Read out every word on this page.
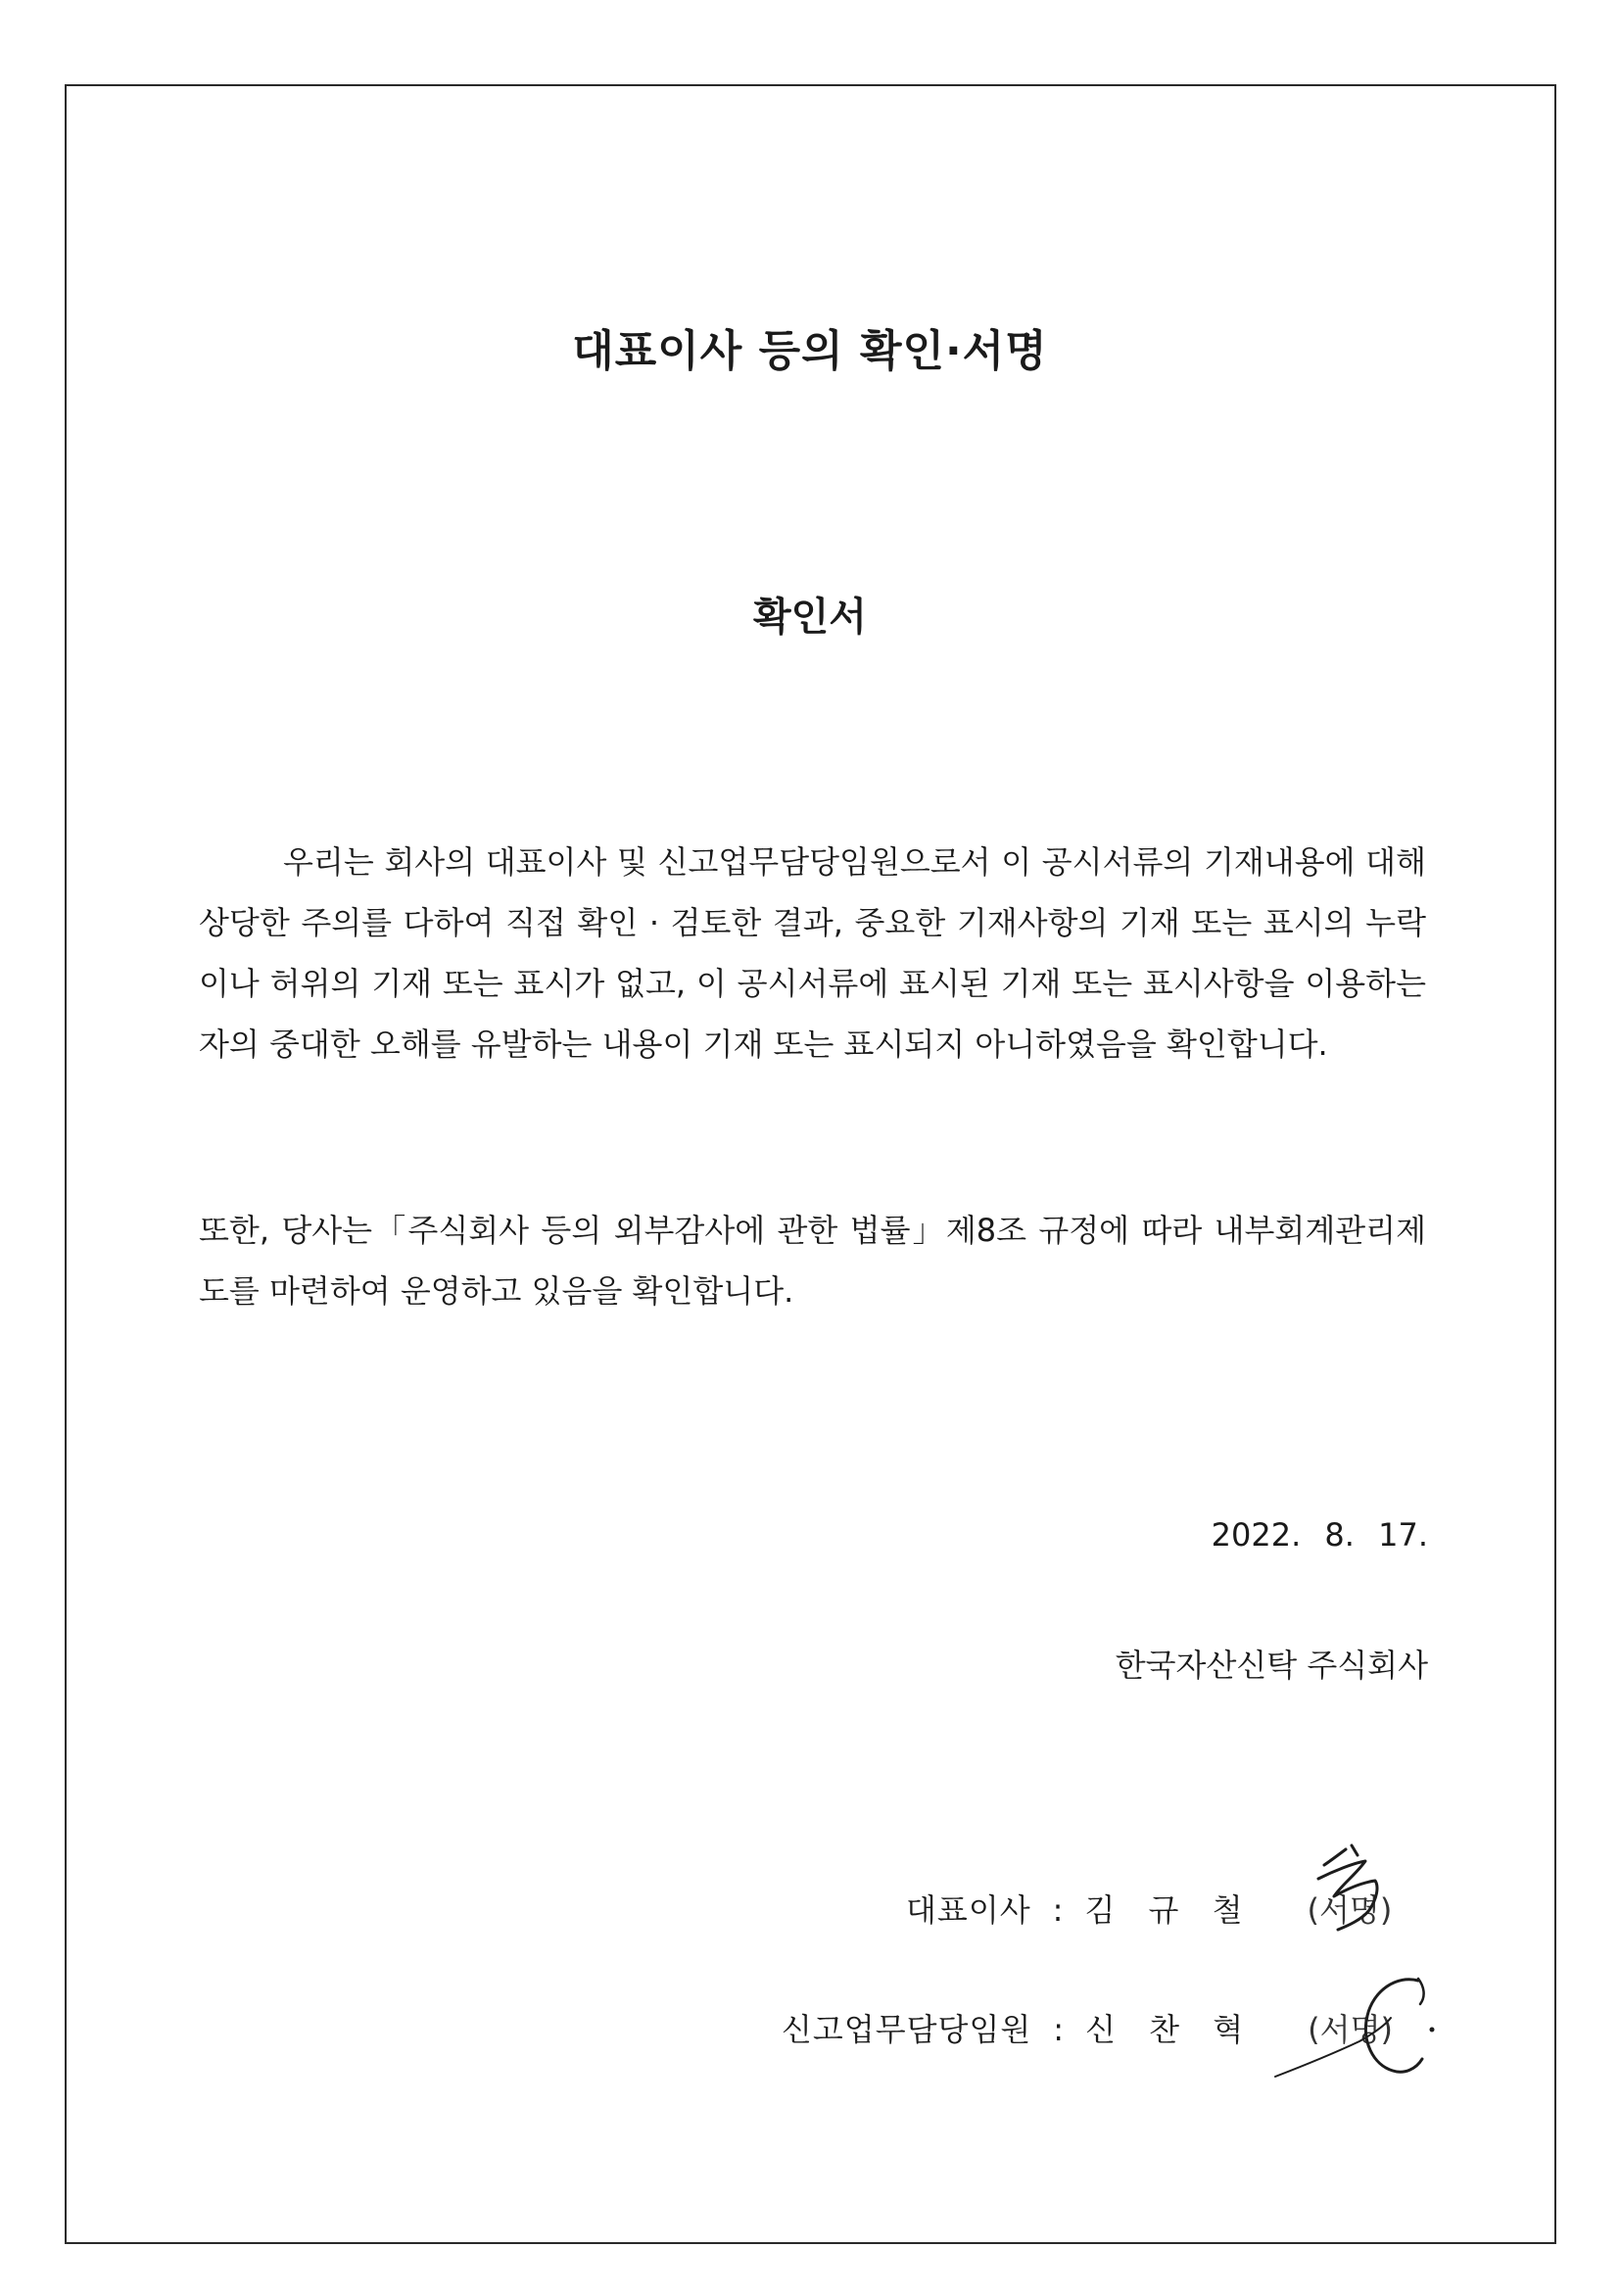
대표이사 등의 확인·서명
확인서

우리는 회사의 대표이사 및 신고업무담당임원으로서 이 공시서류의 기재내용에 대해 상당한 주의를 다하여 직접 확인 · 검토한 결과, 중요한 기재사항의 기재 또는 표시의 누락이나 허위의 기재 또는 표시가 없고, 이 공시서류에 표시된 기재 또는 표시사항을 이용하는 자의 중대한 오해를 유발하는 내용이 기재 또는 표시되지 아니하였음을 확인합니다.

또한, 당사는「주식회사 등의 외부감사에 관한 법률」제8조 규정에 따라 내부회계관리제도를 마련하여 운영하고 있음을 확인합니다.

2022. 8. 17.

한국자산신탁 주식회사

대표이사 : 김 규 철 (서명)
신고업무담당임원 : 신 찬 혁 (서명)
